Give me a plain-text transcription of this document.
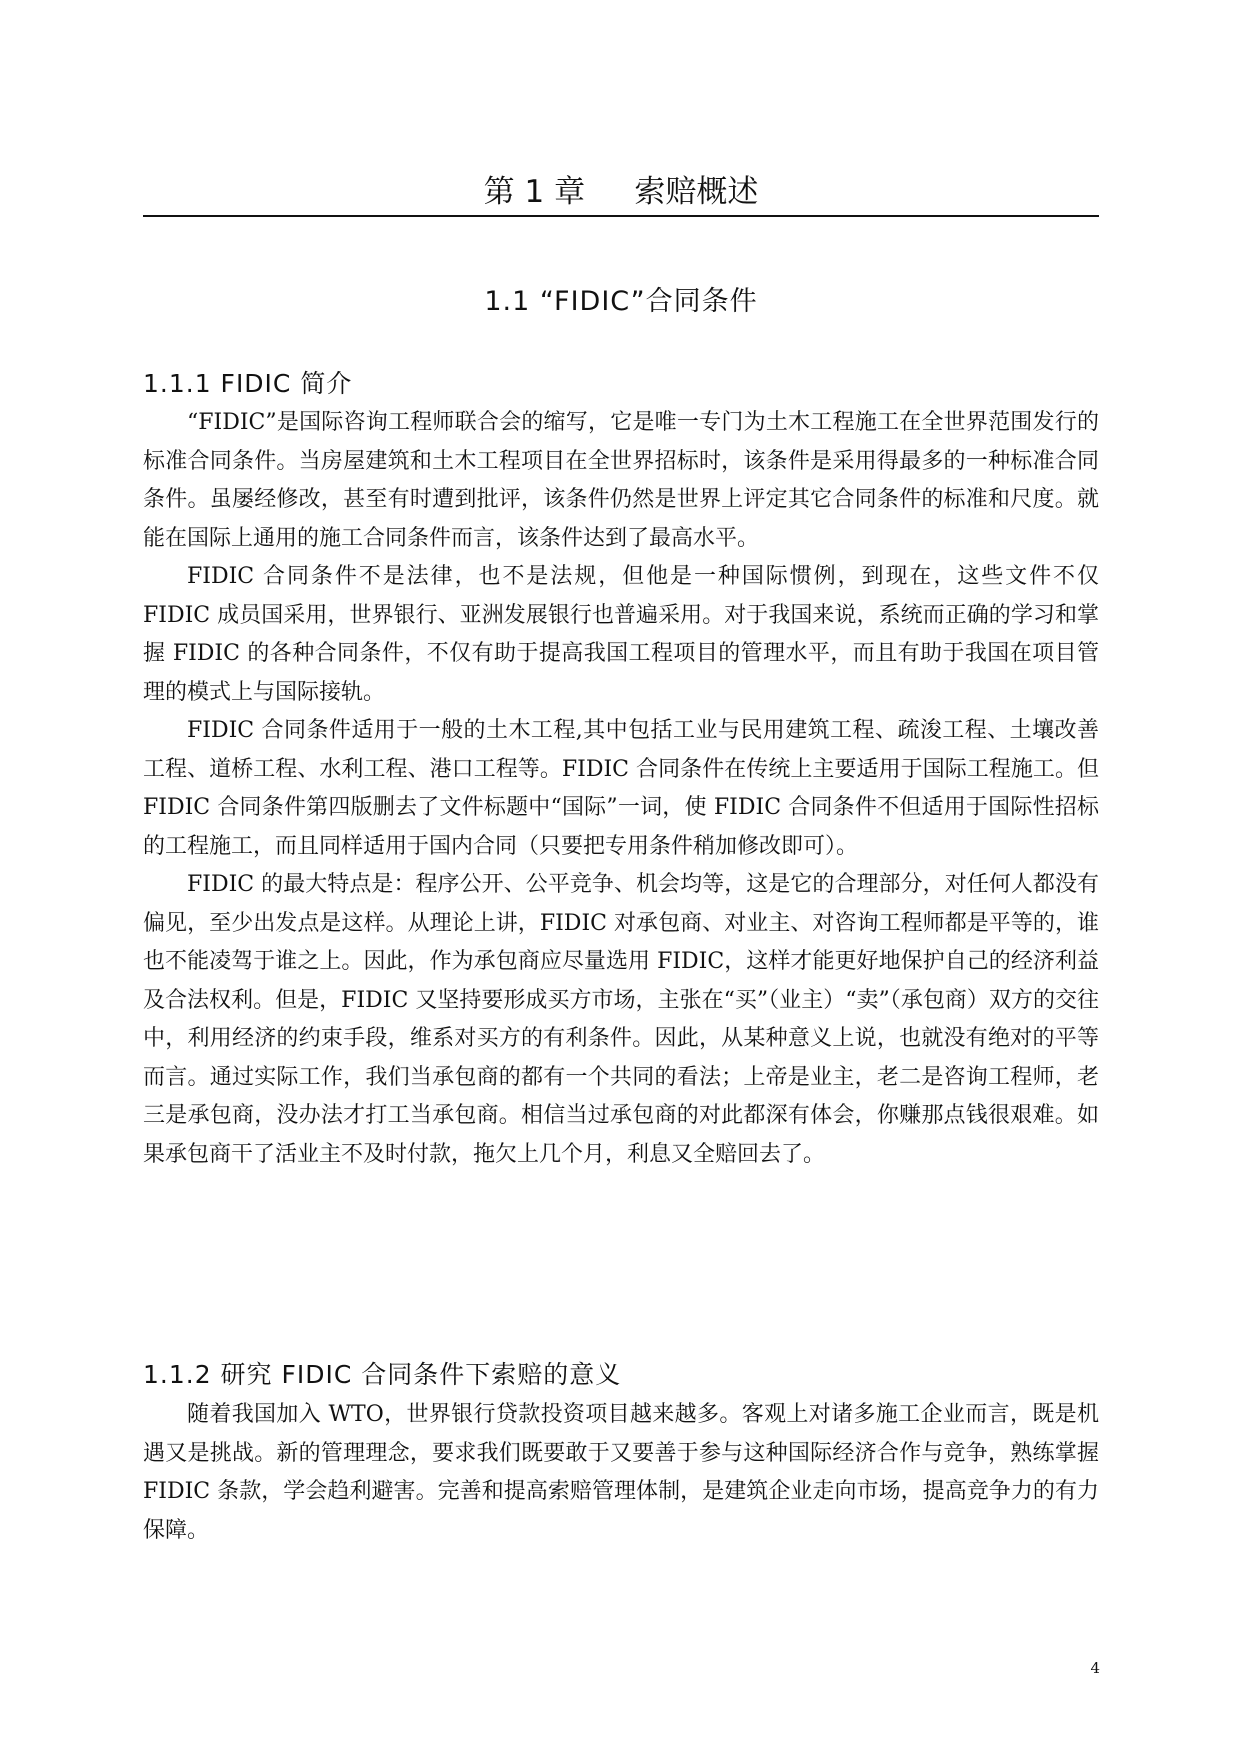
第 1 章     索赔概述
1.1 “FIDIC”合同条件
1.1.1 FIDIC 简介

“FIDIC”是国际咨询工程师联合会的缩写，它是唯一专门为土木工程施工在全世界范围发行的标准合同条件。当房屋建筑和土木工程项目在全世界招标时，该条件是采用得最多的一种标准合同条件。虽屡经修改，甚至有时遭到批评，该条件仍然是世界上评定其它合同条件的标准和尺度。就能在国际上通用的施工合同条件而言，该条件达到了最高水平。

FIDIC 合同条件不是法律，也不是法规，但他是一种国际惯例，到现在，这些文件不仅 FIDIC 成员国采用，世界银行、亚洲发展银行也普遍采用。对于我国来说，系统而正确的学习和掌握 FIDIC 的各种合同条件，不仅有助于提高我国工程项目的管理水平，而且有助于我国在项目管理的模式上与国际接轨。

FIDIC 合同条件适用于一般的土木工程,其中包括工业与民用建筑工程、疏浚工程、土壤改善工程、道桥工程、水利工程、港口工程等。FIDIC 合同条件在传统上主要适用于国际工程施工。但 FIDIC 合同条件第四版删去了文件标题中“国际”一词，使 FIDIC 合同条件不但适用于国际性招标的工程施工，而且同样适用于国内合同（只要把专用条件稍加修改即可）。

FIDIC 的最大特点是：程序公开、公平竞争、机会均等，这是它的合理部分，对任何人都没有偏见，至少出发点是这样。从理论上讲，FIDIC 对承包商、对业主、对咨询工程师都是平等的，谁也不能凌驾于谁之上。因此，作为承包商应尽量选用 FIDIC，这样才能更好地保护自己的经济利益及合法权利。但是，FIDIC 又坚持要形成买方市场，主张在“买”（业主）“卖”（承包商）双方的交往中，利用经济的约束手段，维系对买方的有利条件。因此，从某种意义上说，也就没有绝对的平等而言。通过实际工作，我们当承包商的都有一个共同的看法；上帝是业主，老二是咨询工程师，老三是承包商，没办法才打工当承包商。相信当过承包商的对此都深有体会，你赚那点钱很艰难。如果承包商干了活业主不及时付款，拖欠上几个月，利息又全赔回去了。

1.1.2 研究 FIDIC 合同条件下索赔的意义

随着我国加入 WTO，世界银行贷款投资项目越来越多。客观上对诸多施工企业而言，既是机遇又是挑战。新的管理理念，要求我们既要敢于又要善于参与这种国际经济合作与竞争，熟练掌握 FIDIC 条款，学会趋利避害。完善和提高索赔管理体制，是建筑企业走向市场，提高竞争力的有力保障。

4
